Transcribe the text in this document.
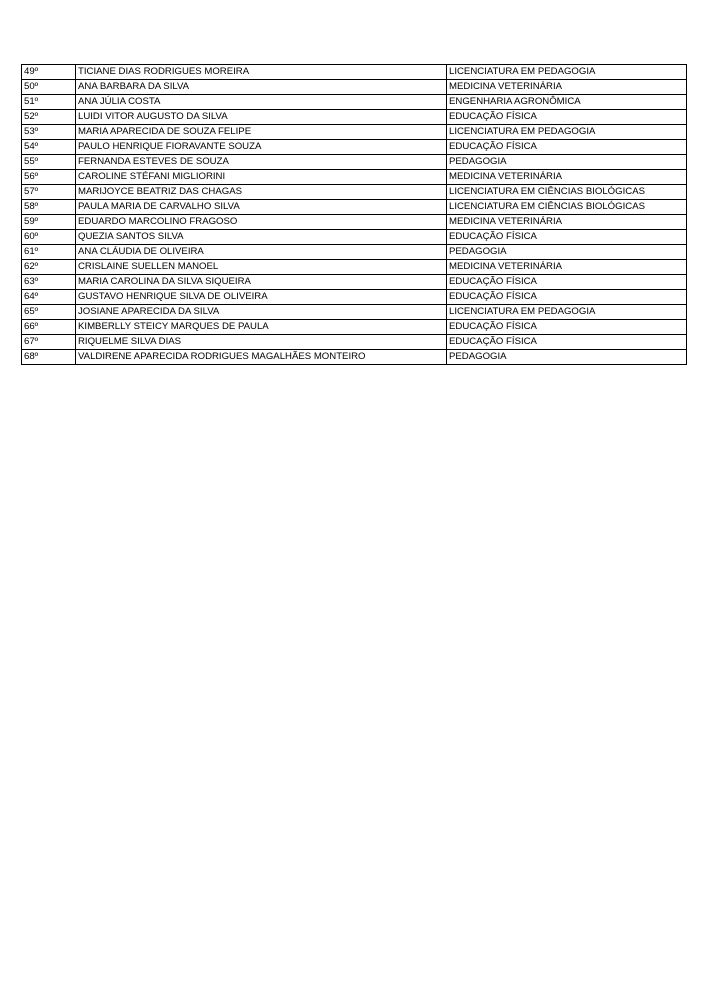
49º	TICIANE DIAS RODRIGUES MOREIRA	LICENCIATURA EM PEDAGOGIA
50º	ANA BARBARA DA SILVA	MEDICINA VETERINÁRIA
51º	ANA JÚLIA COSTA	ENGENHARIA AGRONÔMICA
52º	LUIDI VITOR AUGUSTO DA SILVA	EDUCAÇÃO FÍSICA
53º	MARIA APARECIDA DE SOUZA FELIPE	LICENCIATURA EM PEDAGOGIA
54º	PAULO HENRIQUE FIORAVANTE SOUZA	EDUCAÇÃO FÍSICA
55º	FERNANDA ESTEVES DE SOUZA	PEDAGOGIA
56º	CAROLINE STÉFANI MIGLIORINI	MEDICINA VETERINÁRIA
57º	MARIJOYCE BEATRIZ DAS CHAGAS	LICENCIATURA EM CIÊNCIAS BIOLÓGICAS
58º	PAULA MARIA DE CARVALHO SILVA	LICENCIATURA EM CIÊNCIAS BIOLÓGICAS
59º	EDUARDO MARCOLINO FRAGOSO	MEDICINA VETERINÁRIA
60º	QUEZIA SANTOS SILVA	EDUCAÇÃO FÍSICA
61º	ANA CLÁUDIA DE OLIVEIRA	PEDAGOGIA
62º	CRISLAINE SUELLEN MANOEL	MEDICINA VETERINÁRIA
63º	MARIA CAROLINA DA SILVA SIQUEIRA	EDUCAÇÃO FÍSICA
64º	GUSTAVO HENRIQUE SILVA DE OLIVEIRA	EDUCAÇÃO FÍSICA
65º	JOSIANE APARECIDA DA SILVA	LICENCIATURA EM PEDAGOGIA
66º	KIMBERLLY STEICY MARQUES DE PAULA	EDUCAÇÃO FÍSICA
67º	RIQUELME SILVA DIAS	EDUCAÇÃO FÍSICA
68º	VALDIRENE APARECIDA RODRIGUES MAGALHÃES MONTEIRO	PEDAGOGIA
